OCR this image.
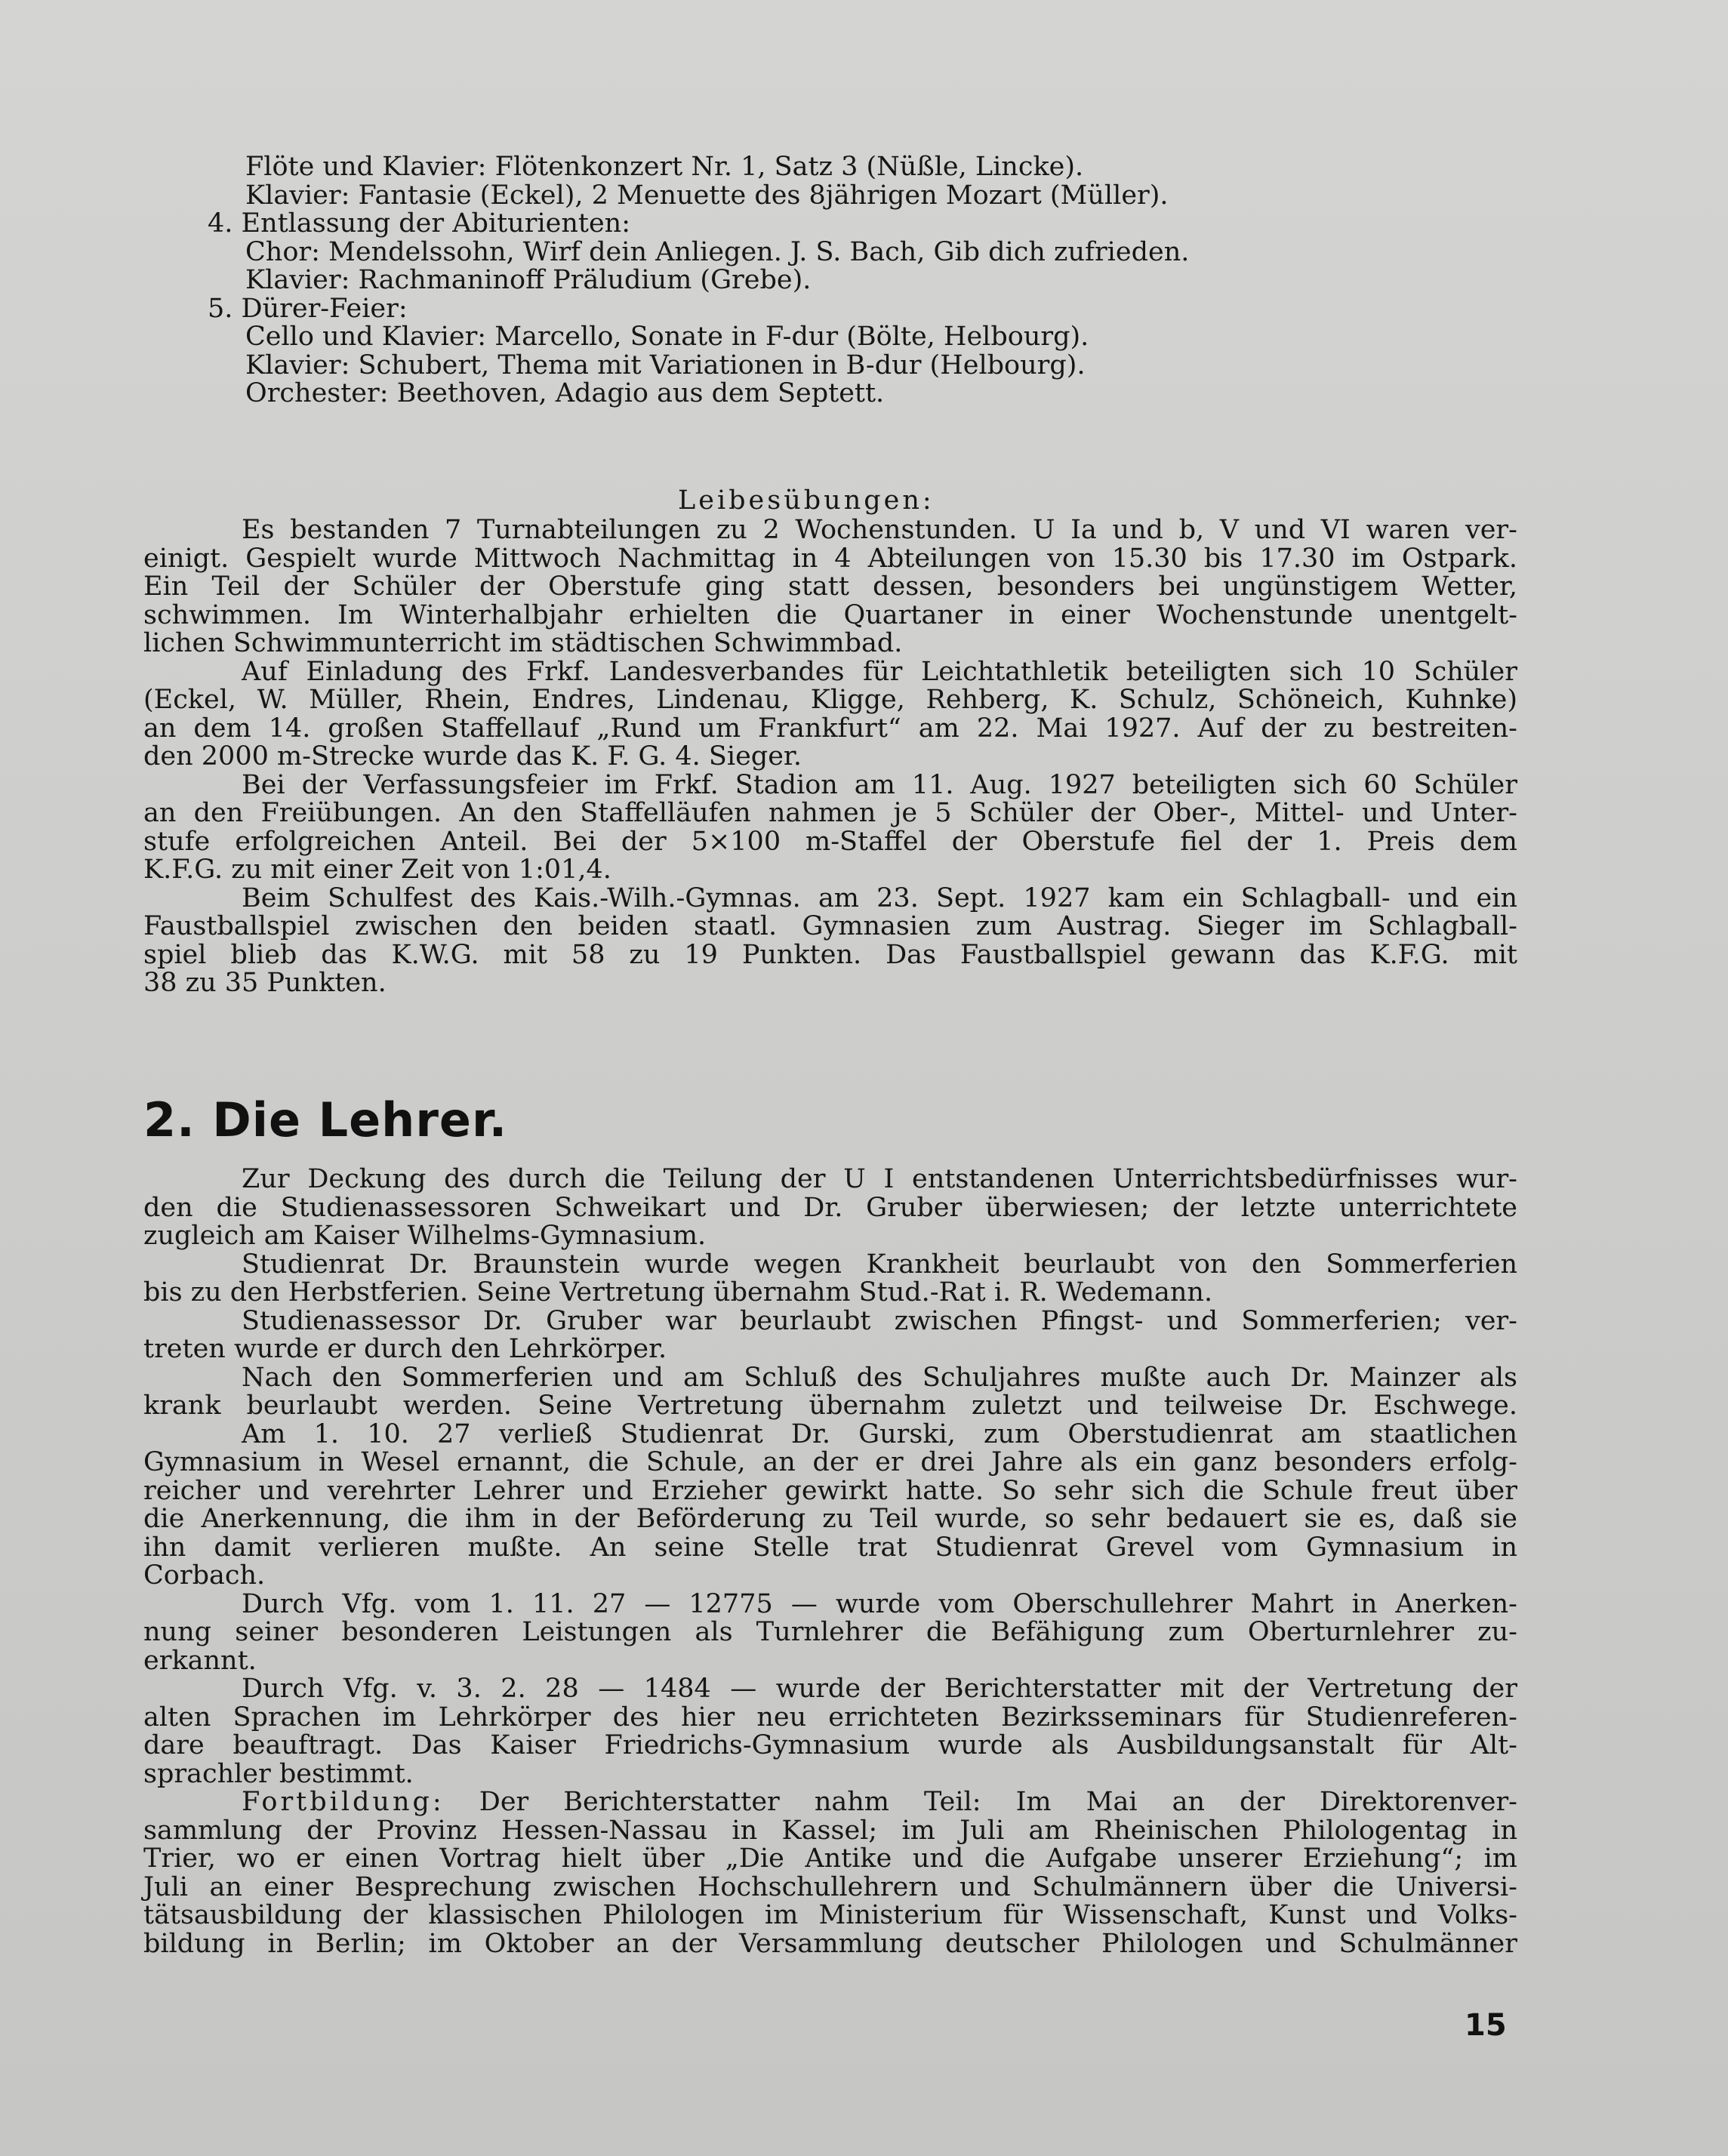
Flöte und Klavier: Flötenkonzert Nr. 1, Satz 3 (Nüßle, Lincke).
Klavier: Fantasie (Eckel), 2 Menuette des 8jährigen Mozart (Müller).
4. Entlassung der Abiturienten:
Chor: Mendelssohn, Wirf dein Anliegen. J. S. Bach, Gib dich zufrieden.
Klavier: Rachmaninoff Präludium (Grebe).
5. Dürer-Feier:
Cello und Klavier: Marcello, Sonate in F-dur (Bölte, Helbourg).
Klavier: Schubert, Thema mit Variationen in B-dur (Helbourg).
Orchester: Beethoven, Adagio aus dem Septett.
Leibesübungen:
Es bestanden 7 Turnabteilungen zu 2 Wochenstunden. U Ia und b, V und VI waren ver-
einigt. Gespielt wurde Mittwoch Nachmittag in 4 Abteilungen von 15.30 bis 17.30 im Ostpark.
Ein Teil der Schüler der Oberstufe ging statt dessen, besonders bei ungünstigem Wetter,
schwimmen. Im Winterhalbjahr erhielten die Quartaner in einer Wochenstunde unentgelt-
lichen Schwimmunterricht im städtischen Schwimmbad.
Auf Einladung des Frkf. Landesverbandes für Leichtathletik beteiligten sich 10 Schüler
(Eckel, W. Müller, Rhein, Endres, Lindenau, Kligge, Rehberg, K. Schulz, Schöneich, Kuhnke)
an dem 14. großen Staffellauf „Rund um Frankfurt“ am 22. Mai 1927. Auf der zu bestreiten-
den 2000 m-Strecke wurde das K. F. G. 4. Sieger.
Bei der Verfassungsfeier im Frkf. Stadion am 11. Aug. 1927 beteiligten sich 60 Schüler
an den Freiübungen. An den Staffelläufen nahmen je 5 Schüler der Ober-, Mittel- und Unter-
stufe erfolgreichen Anteil. Bei der 5×100 m-Staffel der Oberstufe fiel der 1. Preis dem
K.F.G. zu mit einer Zeit von 1:01,4.
Beim Schulfest des Kais.-Wilh.-Gymnas. am 23. Sept. 1927 kam ein Schlagball- und ein
Faustballspiel zwischen den beiden staatl. Gymnasien zum Austrag. Sieger im Schlagball-
spiel blieb das K.W.G. mit 58 zu 19 Punkten. Das Faustballspiel gewann das K.F.G. mit
38 zu 35 Punkten.
2. Die Lehrer.
Zur Deckung des durch die Teilung der U I entstandenen Unterrichtsbedürfnisses wur-
den die Studienassessoren Schweikart und Dr. Gruber überwiesen; der letzte unterrichtete
zugleich am Kaiser Wilhelms-Gymnasium.
Studienrat Dr. Braunstein wurde wegen Krankheit beurlaubt von den Sommerferien
bis zu den Herbstferien. Seine Vertretung übernahm Stud.-Rat i. R. Wedemann.
Studienassessor Dr. Gruber war beurlaubt zwischen Pfingst- und Sommerferien; ver-
treten wurde er durch den Lehrkörper.
Nach den Sommerferien und am Schluß des Schuljahres mußte auch Dr. Mainzer als
krank beurlaubt werden. Seine Vertretung übernahm zuletzt und teilweise Dr. Eschwege.
Am 1. 10. 27 verließ Studienrat Dr. Gurski, zum Oberstudienrat am staatlichen
Gymnasium in Wesel ernannt, die Schule, an der er drei Jahre als ein ganz besonders erfolg-
reicher und verehrter Lehrer und Erzieher gewirkt hatte. So sehr sich die Schule freut über
die Anerkennung, die ihm in der Beförderung zu Teil wurde, so sehr bedauert sie es, daß sie
ihn damit verlieren mußte. An seine Stelle trat Studienrat Grevel vom Gymnasium in
Corbach.
Durch Vfg. vom 1. 11. 27 — 12775 — wurde vom Oberschullehrer Mahrt in Anerken-
nung seiner besonderen Leistungen als Turnlehrer die Befähigung zum Oberturnlehrer zu-
erkannt.
Durch Vfg. v. 3. 2. 28 — 1484 — wurde der Berichterstatter mit der Vertretung der
alten Sprachen im Lehrkörper des hier neu errichteten Bezirksseminars für Studienreferen-
dare beauftragt. Das Kaiser Friedrichs-Gymnasium wurde als Ausbildungsanstalt für Alt-
sprachler bestimmt.
Fortbildung: Der Berichterstatter nahm Teil: Im Mai an der Direktorenver-
sammlung der Provinz Hessen-Nassau in Kassel; im Juli am Rheinischen Philologentag in
Trier, wo er einen Vortrag hielt über „Die Antike und die Aufgabe unserer Erziehung“; im
Juli an einer Besprechung zwischen Hochschullehrern und Schulmännern über die Universi-
tätsausbildung der klassischen Philologen im Ministerium für Wissenschaft, Kunst und Volks-
bildung in Berlin; im Oktober an der Versammlung deutscher Philologen und Schulmänner
15
